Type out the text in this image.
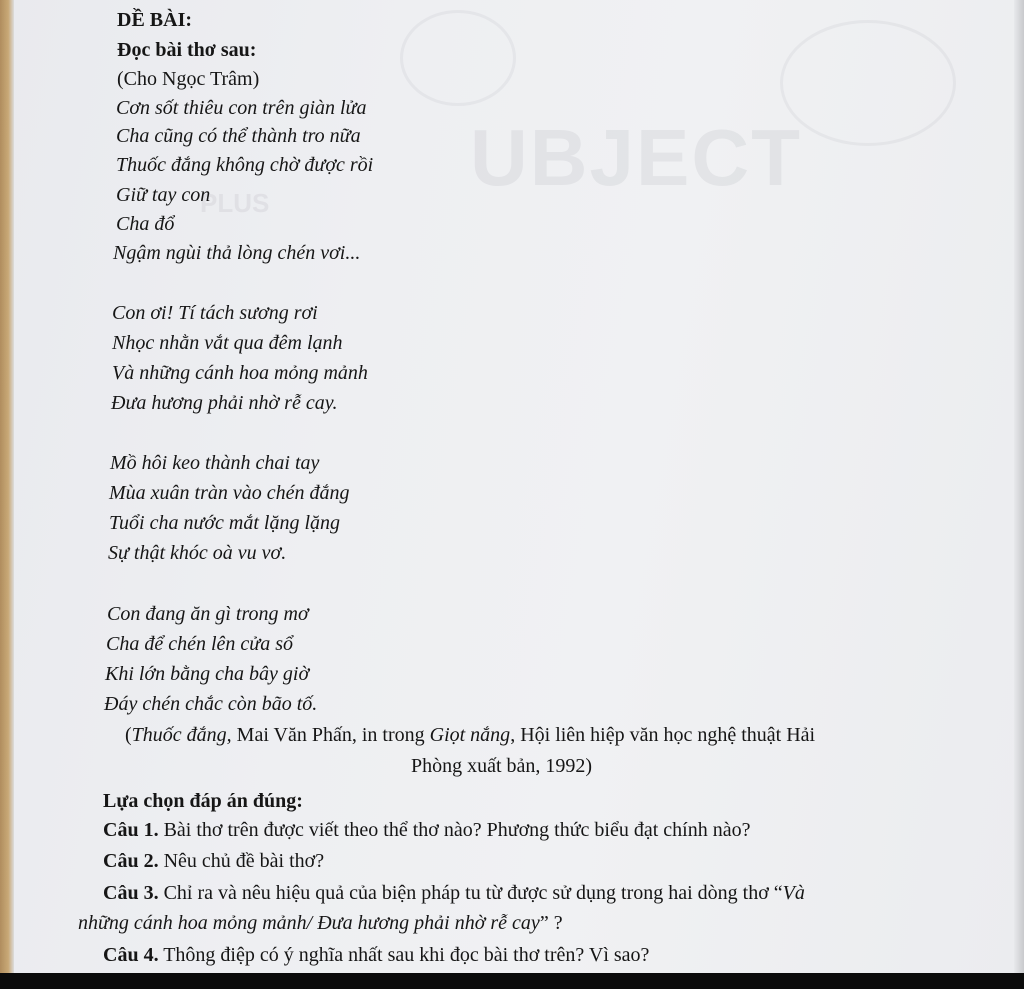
UBJECT
PLUS
DỀ BÀI:
Đọc bài thơ sau:
(Cho Ngọc Trâm)
Cơn sốt thiêu con trên giàn lửa
Cha cũng có thể thành tro nữa
Thuốc đắng không chờ được rồi
Giữ tay con
Cha đổ
Ngậm ngùi thả lòng chén vơi...
Con ơi! Tí tách sương rơi
Nhọc nhằn vắt qua đêm lạnh
Và những cánh hoa mỏng mảnh
Đưa hương phải nhờ rễ cay.
Mồ hôi keo thành chai tay
Mùa xuân tràn vào chén đắng
Tuổi cha nước mắt lặng lặng
Sự thật khóc oà vu vơ.
Con đang ăn gì trong mơ
Cha để chén lên cửa sổ
Khi lớn bằng cha bây giờ
Đáy chén chắc còn bão tố.
(Thuốc đắng, Mai Văn Phấn, in trong Giọt nắng, Hội liên hiệp văn học nghệ thuật Hải
Phòng xuất bản, 1992)
Lựa chọn đáp án đúng:
Câu 1. Bài thơ trên được viết theo thể thơ nào? Phương thức biểu đạt chính nào?
Câu 2. Nêu chủ đề bài thơ?
Câu 3. Chỉ ra và nêu hiệu quả của biện pháp tu từ được sử dụng trong hai dòng thơ “Và
những cánh hoa mỏng mảnh/ Đưa hương phải nhờ rễ cay” ?
Câu 4. Thông điệp có ý nghĩa nhất sau khi đọc bài thơ trên? Vì sao?
